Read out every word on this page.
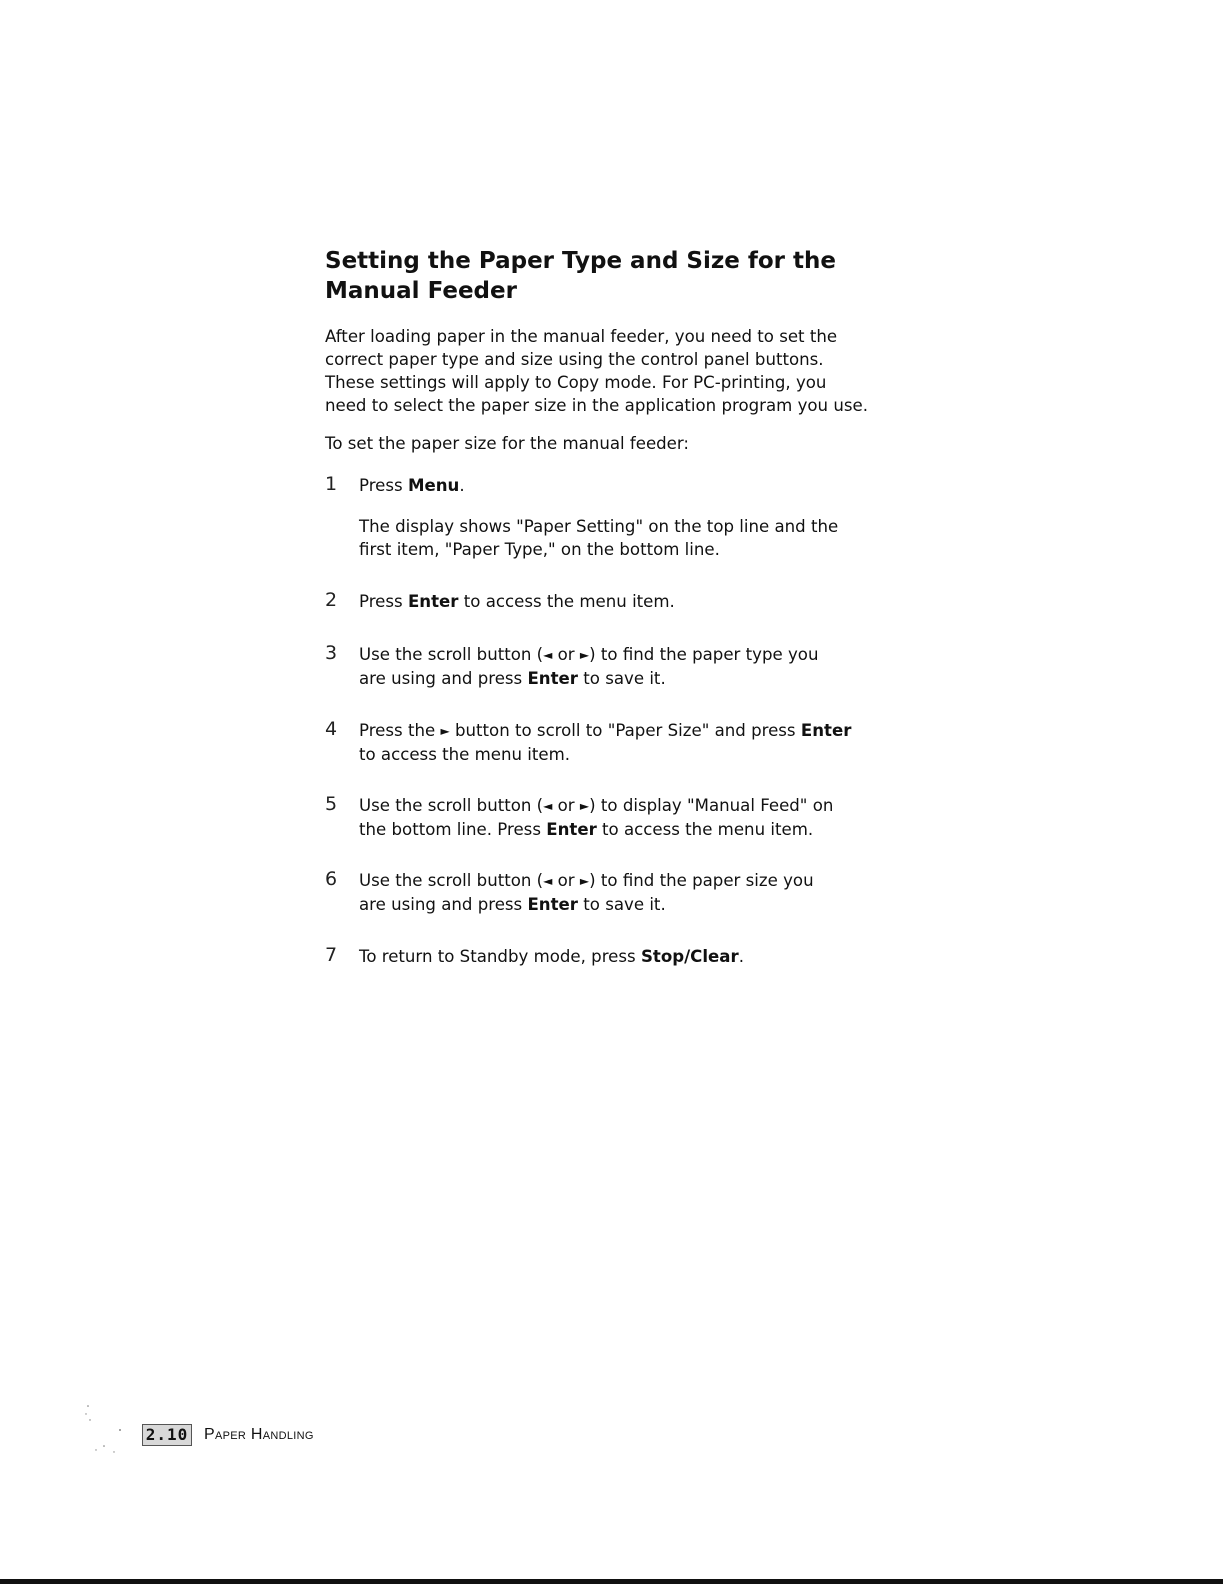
Setting the Paper Type and Size for the
Manual Feeder
After loading paper in the manual feeder, you need to set the
correct paper type and size using the control panel buttons.
These settings will apply to Copy mode. For PC-printing, you
need to select the paper size in the application program you use.
To set the paper size for the manual feeder:
1 Press Menu.
The display shows "Paper Setting" on the top line and the
first item, "Paper Type," on the bottom line.
2 Press Enter to access the menu item.
3 Use the scroll button (◄ or ►) to find the paper type you
are using and press Enter to save it.
4 Press the ► button to scroll to "Paper Size" and press Enter
to access the menu item.
5 Use the scroll button (◄ or ►) to display "Manual Feed" on
the bottom line. Press Enter to access the menu item.
6 Use the scroll button (◄ or ►) to find the paper size you
are using and press Enter to save it.
7 To return to Standby mode, press Stop/Clear.
2.10 Paper Handling
